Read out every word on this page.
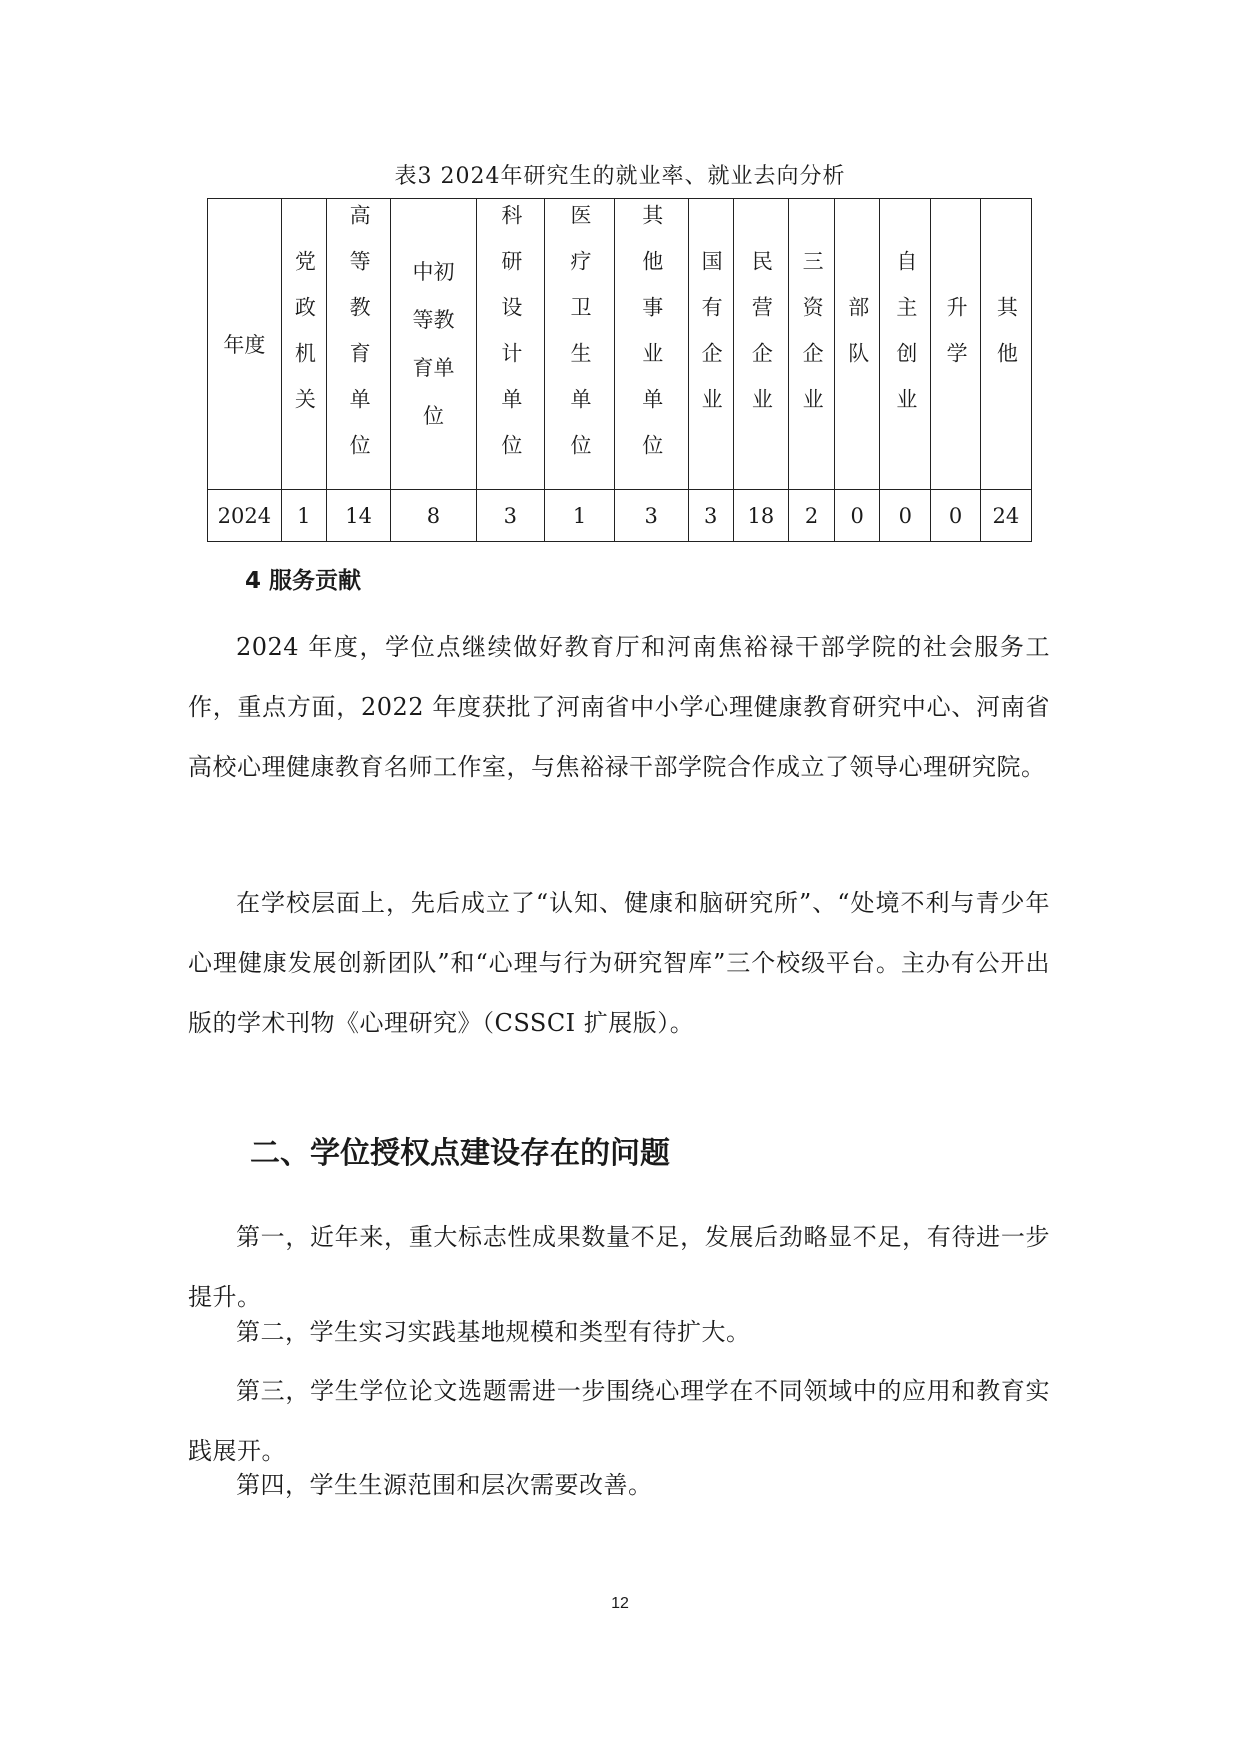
表3 2024年研究生的就业率、就业去向分析
年度	党政机关	高等教育单位	中初等教育单位	科研设计单位	医疗卫生单位	其他事业单位	国有企业	民营企业	三资企业	部队	自主创业	升学	其他
2024	1	14	8	3	1	3	3	18	2	0	0	0	24
4 服务贡献

2024 年度，学位点继续做好教育厅和河南焦裕禄干部学院的社会服务工作，重点方面，2022 年度获批了河南省中小学心理健康教育研究中心、河南省高校心理健康教育名师工作室，与焦裕禄干部学院合作成立了领导心理研究院。

在学校层面上，先后成立了“认知、健康和脑研究所”、“处境不利与青少年心理健康发展创新团队”和“心理与行为研究智库”三个校级平台。主办有公开出版的学术刊物《心理研究》（CSSCI 扩展版）。

二、学位授权点建设存在的问题

第一，近年来，重大标志性成果数量不足，发展后劲略显不足，有待进一步提升。

第二，学生实习实践基地规模和类型有待扩大。

第三，学生学位论文选题需进一步围绕心理学在不同领域中的应用和教育实践展开。

第四，学生生源范围和层次需要改善。

12
